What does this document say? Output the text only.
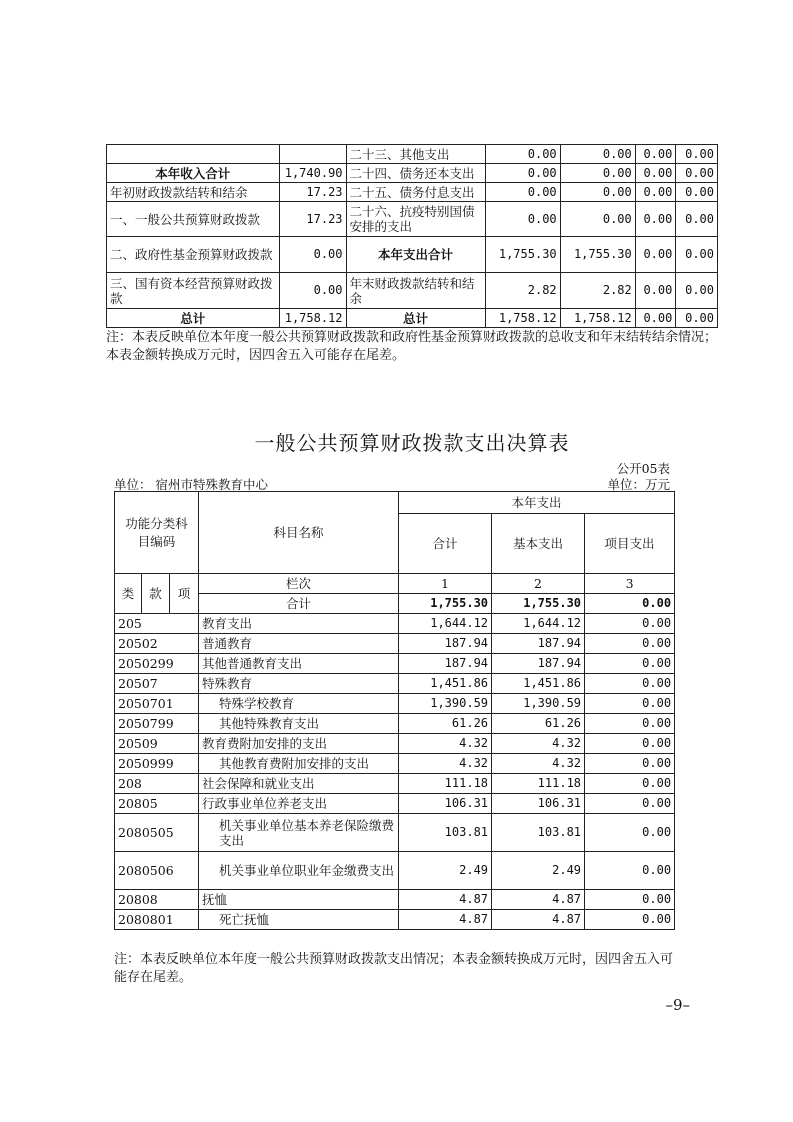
		二十三、其他支出	0.00	0.00	0.00	0.00
本年收入合计	1,740.90	二十四、债务还本支出	0.00	0.00	0.00	0.00
年初财政拨款结转和结余	17.23	二十五、债务付息支出	0.00	0.00	0.00	0.00
一、一般公共预算财政拨款	17.23	二十六、抗疫特别国债安排的支出	0.00	0.00	0.00	0.00
二、政府性基金预算财政拨款	0.00	本年支出合计	1,755.30	1,755.30	0.00	0.00
三、国有资本经营预算财政拨款	0.00	年末财政拨款结转和结余	2.82	2.82	0.00	0.00
总计	1,758.12	总计	1,758.12	1,758.12	0.00	0.00
注：本表反映单位本年度一般公共预算财政拨款和政府性基金预算财政拨款的总收支和年末结转结余情况；本表金额转换成万元时，因四舍五入可能存在尾差。
一般公共预算财政拨款支出决算表
公开05表
单位： 宿州市特殊教育中心	单位：万元
功能分类科目编码			科目名称	本年支出		
				合计	基本支出	项目支出
类	款	项	栏次	1	2	3
			合计	1,755.30	1,755.30	0.00
205			教育支出	1,644.12	1,644.12	0.00
20502			普通教育	187.94	187.94	0.00
2050299			其他普通教育支出	187.94	187.94	0.00
20507			特殊教育	1,451.86	1,451.86	0.00
2050701			特殊学校教育	1,390.59	1,390.59	0.00
2050799			其他特殊教育支出	61.26	61.26	0.00
20509			教育费附加安排的支出	4.32	4.32	0.00
2050999			其他教育费附加安排的支出	4.32	4.32	0.00
208			社会保障和就业支出	111.18	111.18	0.00
20805			行政事业单位养老支出	106.31	106.31	0.00
2080505			机关事业单位基本养老保险缴费支出	103.81	103.81	0.00
2080506			机关事业单位职业年金缴费支出	2.49	2.49	0.00
20808			抚恤	4.87	4.87	0.00
2080801			死亡抚恤	4.87	4.87	0.00
注：本表反映单位本年度一般公共预算财政拨款支出情况；本表金额转换成万元时，因四舍五入可能存在尾差。
–9–
